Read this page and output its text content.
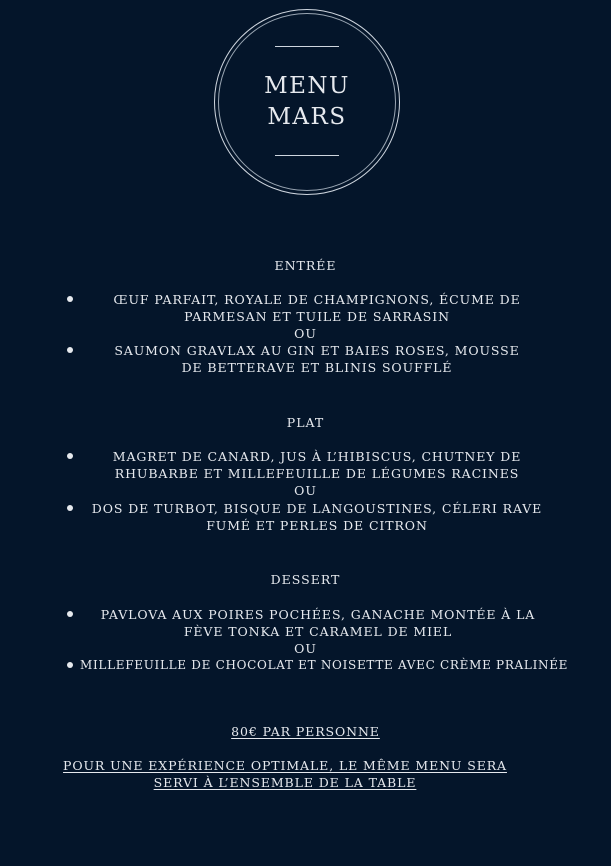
MENU
MARS
ENTRÉE
ŒUF PARFAIT, ROYALE DE CHAMPIGNONS, ÉCUME DE PARMESAN ET TUILE DE SARRASIN
OU
SAUMON GRAVLAX AU GIN ET BAIES ROSES, MOUSSE DE BETTERAVE ET BLINIS SOUFFLÉ
PLAT
MAGRET DE CANARD, JUS À L’HIBISCUS, CHUTNEY DE RHUBARBE ET MILLEFEUILLE DE LÉGUMES RACINES
OU
DOS DE TURBOT, BISQUE DE LANGOUSTINES, CÉLERI RAVE FUMÉ ET PERLES DE CITRON
DESSERT
PAVLOVA AUX POIRES POCHÉES, GANACHE MONTÉE À LA FÈVE TONKA ET CARAMEL DE MIEL
OU
MILLEFEUILLE DE CHOCOLAT ET NOISETTE AVEC CRÈME PRALINÉE
80€ PAR PERSONNE
POUR UNE EXPÉRIENCE OPTIMALE, LE MÊME MENU SERA SERVI À L’ENSEMBLE DE LA TABLE
